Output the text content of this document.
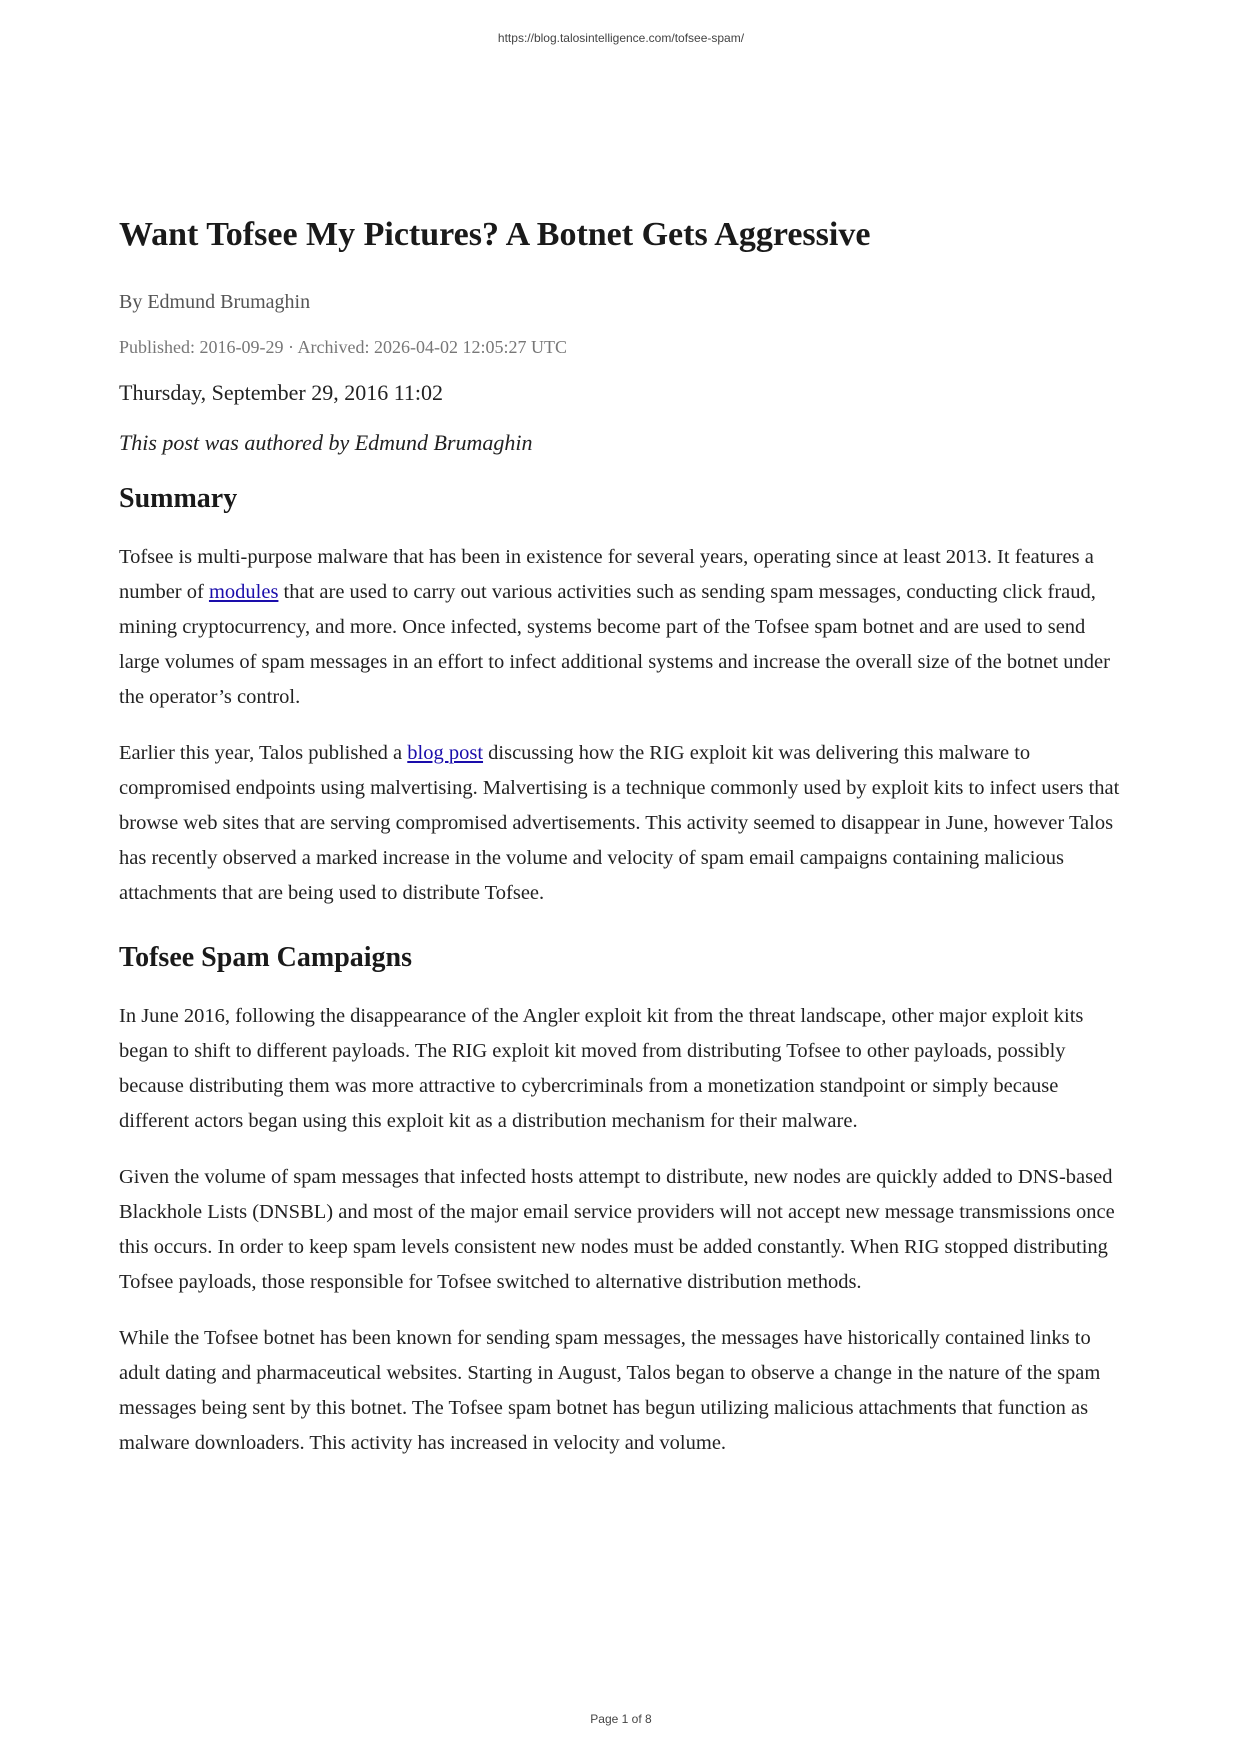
https://blog.talosintelligence.com/tofsee-spam/
Want Tofsee My Pictures? A Botnet Gets Aggressive
By Edmund Brumaghin
Published: 2016-09-29 · Archived: 2026-04-02 12:05:27 UTC
Thursday, September 29, 2016 11:02
This post was authored by Edmund Brumaghin
Summary

Tofsee is multi-purpose malware that has been in existence for several years, operating since at least 2013. It features a number of modules that are used to carry out various activities such as sending spam messages, conducting click fraud, mining cryptocurrency, and more. Once infected, systems become part of the Tofsee spam botnet and are used to send large volumes of spam messages in an effort to infect additional systems and increase the overall size of the botnet under the operator’s control.

Earlier this year, Talos published a blog post discussing how the RIG exploit kit was delivering this malware to compromised endpoints using malvertising. Malvertising is a technique commonly used by exploit kits to infect users that browse web sites that are serving compromised advertisements. This activity seemed to disappear in June, however Talos has recently observed a marked increase in the volume and velocity of spam email campaigns containing malicious attachments that are being used to distribute Tofsee.

Tofsee Spam Campaigns

In June 2016, following the disappearance of the Angler exploit kit from the threat landscape, other major exploit kits began to shift to different payloads. The RIG exploit kit moved from distributing Tofsee to other payloads, possibly because distributing them was more attractive to cybercriminals from a monetization standpoint or simply because different actors began using this exploit kit as a distribution mechanism for their malware.

Given the volume of spam messages that infected hosts attempt to distribute, new nodes are quickly added to DNS-based Blackhole Lists (DNSBL) and most of the major email service providers will not accept new message transmissions once this occurs. In order to keep spam levels consistent new nodes must be added constantly. When RIG stopped distributing Tofsee payloads, those responsible for Tofsee switched to alternative distribution methods.

While the Tofsee botnet has been known for sending spam messages, the messages have historically contained links to adult dating and pharmaceutical websites. Starting in August, Talos began to observe a change in the nature of the spam messages being sent by this botnet. The Tofsee spam botnet has begun utilizing malicious attachments that function as malware downloaders. This activity has increased in velocity and volume.

Page 1 of 8
